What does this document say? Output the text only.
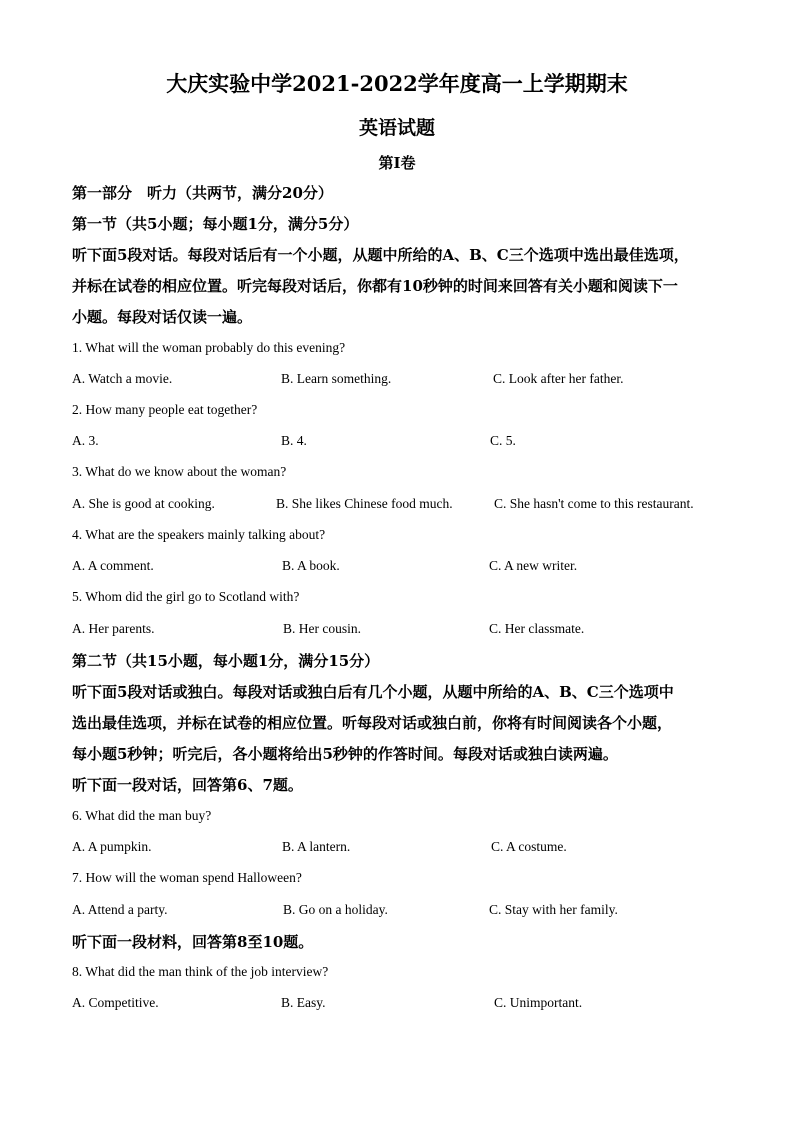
大庆实验中学2021-2022学年度高一上学期期末
英语试题
第Ⅰ卷
第一部分　听力（共两节，满分20分）
第一节（共5小题；每小题1分，满分5分）
听下面5段对话。每段对话后有一个小题，从题中所给的A、B、C三个选项中选出最佳选项，
并标在试卷的相应位置。听完每段对话后，你都有10秒钟的时间来回答有关小题和阅读下一
小题。每段对话仅读一遍。
1. What will the woman probably do this evening?
A. Watch a movie.	B. Learn something.	C. Look after her father.
2. How many people eat together?
A. 3.	B. 4.	C. 5.
3. What do we know about the woman?
A. She is good at cooking.	B. She likes Chinese food much.	C. She hasn't come to this restaurant.
4. What are the speakers mainly talking about?
A. A comment.	B. A book.	C. A new writer.
5. Whom did the girl go to Scotland with?
A. Her parents.	B. Her cousin.	C. Her classmate.
第二节（共15小题，每小题1分，满分15分）
听下面5段对话或独白。每段对话或独白后有几个小题，从题中所给的A、B、C三个选项中
选出最佳选项，并标在试卷的相应位置。听每段对话或独白前，你将有时间阅读各个小题，
每小题5秒钟；听完后，各小题将给出5秒钟的作答时间。每段对话或独白读两遍。
听下面一段对话，回答第6、7题。
6. What did the man buy?
A. A pumpkin.	B. A lantern.	C. A costume.
7. How will the woman spend Halloween?
A. Attend a party.	B. Go on a holiday.	C. Stay with her family.
听下面一段材料，回答第8至10题。
8. What did the man think of the job interview?
A. Competitive.	B. Easy.	C. Unimportant.
